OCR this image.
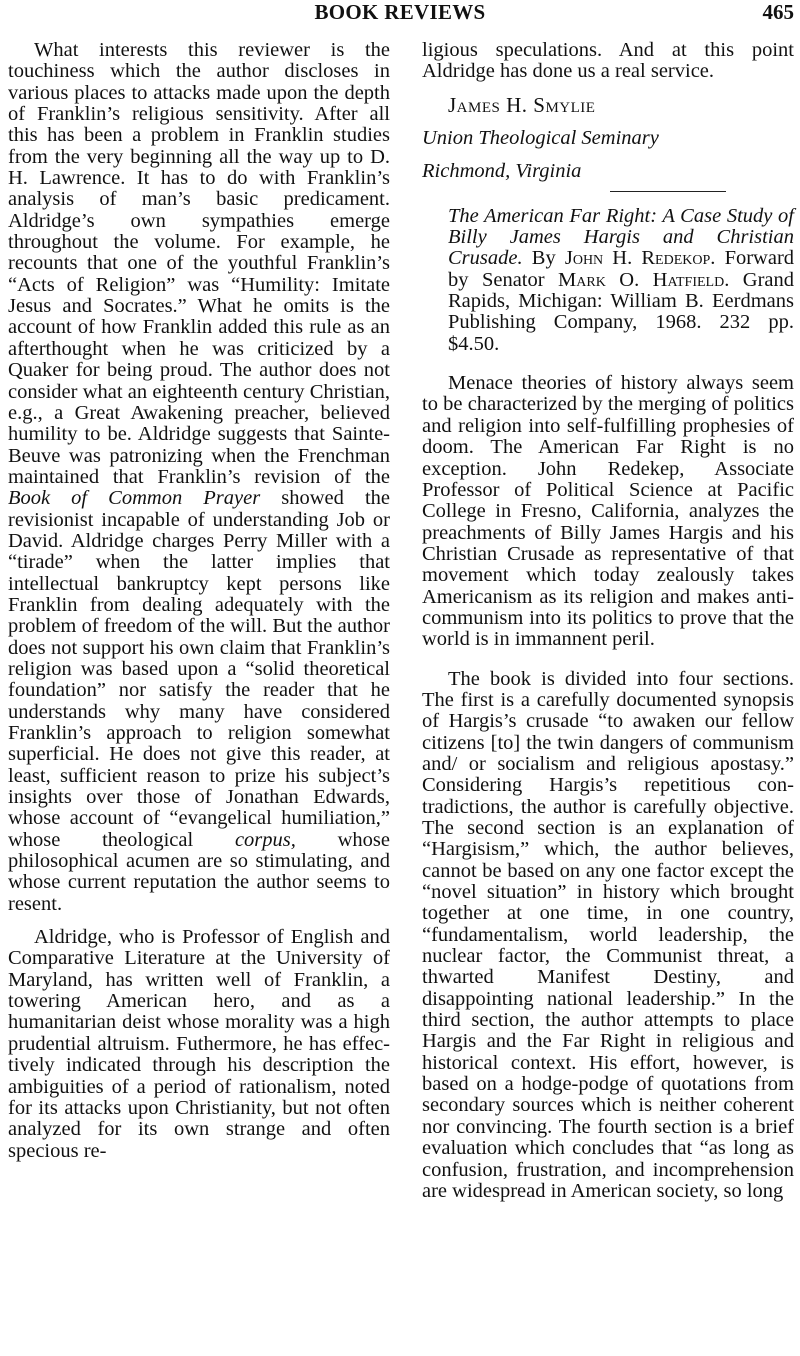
BOOK REVIEWS	465

What interests this reviewer is the touchiness which the author discloses in various places to attacks made upon the depth of Franklin’s religious sensitivity. After all this has been a problem in Franklin studies from the very beginning all the way up to D. H. Lawrence. It has to do with Franklin’s analysis of man’s basic predicament. Aldridge’s own sympathies emerge throughout the volume. For example, he recounts that one of the youthful Franklin’s “Acts of Religion” was “Humility: Imitate Jesus and Socrates.” What he omits is the account of how Franklin added this rule as an afterthought when he was criticized by a Quaker for being proud. The author does not consider what an eighteenth century Christian, e.g., a Great Awakening preacher, believed humility to be. Aldridge suggests that Sainte-Beuve was patronizing when the Frenchman maintained that Franklin’s revision of the Book of Common Prayer showed the revisionist incapable of understanding Job or David. Aldridge charges Perry Miller with a “tirade” when the latter implies that intellectual bankruptcy kept persons like Franklin from dealing adequately with the problem of freedom of the will. But the author does not support his own claim that Franklin’s religion was based upon a “solid theoretical foundation” nor satisfy the reader that he understands why many have considered Franklin’s approach to religion somewhat superficial. He does not give this reader, at least, sufficient reason to prize his subject’s insights over those of Jonathan Edwards, whose account of “evangelical humiliation,” whose theological corpus, whose philosophical acumen are so stimulating, and whose current reputation the author seems to resent.

Aldridge, who is Professor of English and Comparative Literature at the University of Maryland, has written well of Franklin, a towering American hero, and as a humanitarian deist whose morality was a high prudential altruism. Futhermore, he has effectively indicated through his description the ambiguities of a period of rationalism, noted for its attacks upon Christianity, but not often analyzed for its own strange and often specious re-

ligious speculations. And at this point Aldridge has done us a real service.

James H. Smylie

Union Theological Seminary

Richmond, Virginia

The American Far Right: A Case Study of Billy James Hargis and Christian Crusade. By John H. Redekop. Forward by Senator Mark O. Hatfield. Grand Rapids, Michigan: William B. Eerdmans Publishing Company, 1968. 232 pp. $4.50.

Menace theories of history always seem to be characterized by the merging of politics and religion into self-fulfilling prophesies of doom. The American Far Right is no exception. John Redekep, Associate Professor of Political Science at Pacific College in Fresno, California, analyzes the preachments of Billy James Hargis and his Christian Crusade as representative of that movement which today zealously takes Americanism as its religion and makes anti-communism into its politics to prove that the world is in immannent peril.

The book is divided into four sections. The first is a carefully documented synopsis of Hargis’s crusade “to awaken our fellow citizens [to] the twin dangers of communism and/ or socialism and religious apostasy.” Considering Hargis’s repetitious contradictions, the author is carefully objective. The second section is an explanation of “Hargisism,” which, the author believes, cannot be based on any one factor except the “novel situation” in history which brought together at one time, in one country, “fundamentalism, world leadership, the nuclear factor, the Communist threat, a thwarted Manifest Destiny, and disappointing national leadership.” In the third section, the author attempts to place Hargis and the Far Right in religious and historical context. His effort, however, is based on a hodge-podge of quotations from secondary sources which is neither coherent nor convincing. The fourth section is a brief evaluation which concludes that “as long as confusion, frustration, and incomprehension are widespread in American society, so long
